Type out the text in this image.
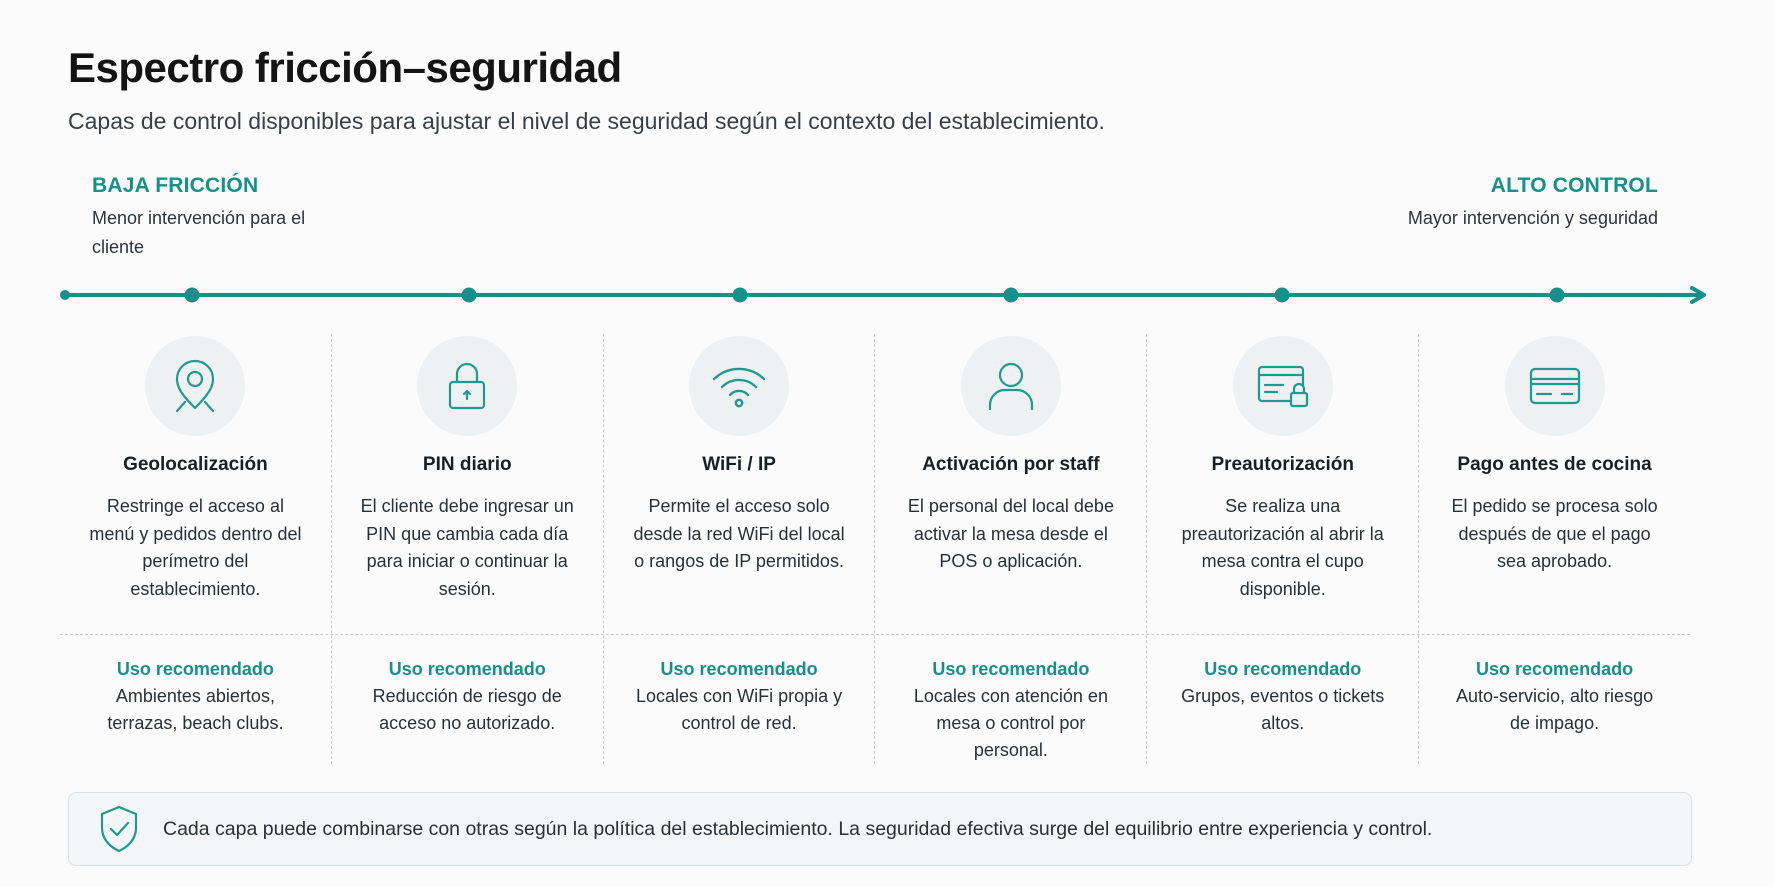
Espectro fricción–seguridad
Capas de control disponibles para ajustar el nivel de seguridad según el contexto del establecimiento.
BAJA FRICCIÓN
Menor intervención para el cliente
ALTO CONTROL
Mayor intervención y seguridad
Geolocalización
Restringe el acceso al menú y pedidos dentro del perímetro del establecimiento.
Uso recomendado
Ambientes abiertos, terrazas, beach clubs.
PIN diario
El cliente debe ingresar un PIN que cambia cada día para iniciar o continuar la sesión.
Uso recomendado
Reducción de riesgo de acceso no autorizado.
WiFi / IP
Permite el acceso solo desde la red WiFi del local o rangos de IP permitidos.
Uso recomendado
Locales con WiFi propia y control de red.
Activación por staff
El personal del local debe activar la mesa desde el POS o aplicación.
Uso recomendado
Locales con atención en mesa o control por personal.
Preautorización
Se realiza una preautorización al abrir la mesa contra el cupo disponible.
Uso recomendado
Grupos, eventos o tickets altos.
Pago antes de cocina
El pedido se procesa solo después de que el pago sea aprobado.
Uso recomendado
Auto-servicio, alto riesgo de impago.
Cada capa puede combinarse con otras según la política del establecimiento. La seguridad efectiva surge del equilibrio entre experiencia y control.
